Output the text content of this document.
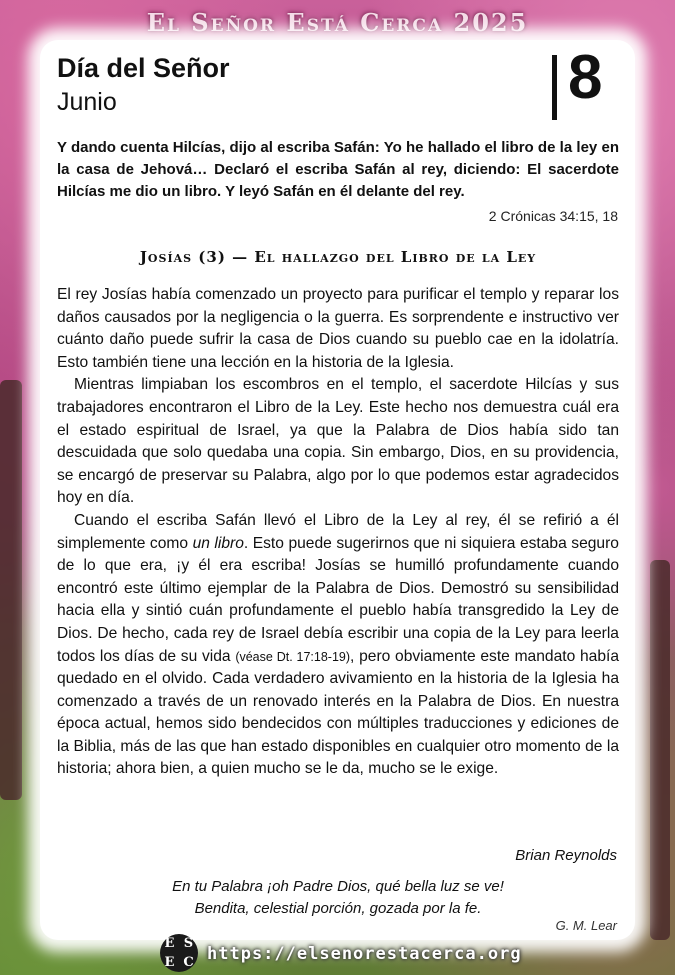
El Señor Está Cerca 2025
Día del Señor
Junio	8
Y dando cuenta Hilcías, dijo al escriba Safán: Yo he hallado el libro de la ley en la casa de Jehová… Declaró el escriba Safán al rey, diciendo: El sacerdote Hilcías me dio un libro. Y leyó Safán en él delante del rey.
2 Crónicas 34:15, 18
Josías (3) — El hallazgo del Libro de la Ley

El rey Josías había comenzado un proyecto para purificar el templo y reparar los daños causados por la negligencia o la guerra. Es sorprendente e instructivo ver cuánto daño puede sufrir la casa de Dios cuando su pueblo cae en la idolatría. Esto también tiene una lección en la historia de la Iglesia.

Mientras limpiaban los escombros en el templo, el sacerdote Hilcías y sus trabajadores encontraron el Libro de la Ley. Este hecho nos demuestra cuál era el estado espiritual de Israel, ya que la Palabra de Dios había sido tan descuidada que solo quedaba una copia. Sin embargo, Dios, en su providencia, se encargó de preservar su Palabra, algo por lo que podemos estar agradecidos hoy en día.

Cuando el escriba Safán llevó el Libro de la Ley al rey, él se refirió a él simplemente como un libro. Esto puede sugerirnos que ni siquiera estaba seguro de lo que era, ¡y él era escriba! Josías se humilló profundamente cuando encontró este último ejemplar de la Palabra de Dios. Demostró su sensibilidad hacia ella y sintió cuán profundamente el pueblo había transgredido la Ley de Dios. De hecho, cada rey de Israel debía escribir una copia de la Ley para leerla todos los días de su vida (véase Dt. 17:18-19), pero obviamente este mandato había quedado en el olvido. Cada verdadero avivamiento en la historia de la Iglesia ha comenzado a través de un renovado interés en la Palabra de Dios. En nuestra época actual, hemos sido bendecidos con múltiples traducciones y ediciones de la Biblia, más de las que han estado disponibles en cualquier otro momento de la historia; ahora bien, a quien mucho se le da, mucho se le exige.

Brian Reynolds
En tu Palabra ¡oh Padre Dios, qué bella luz se ve!
Bendita, celestial porción, gozada por la fe.
G. M. Lear
E S
E C https://elsenorestacerca.org
